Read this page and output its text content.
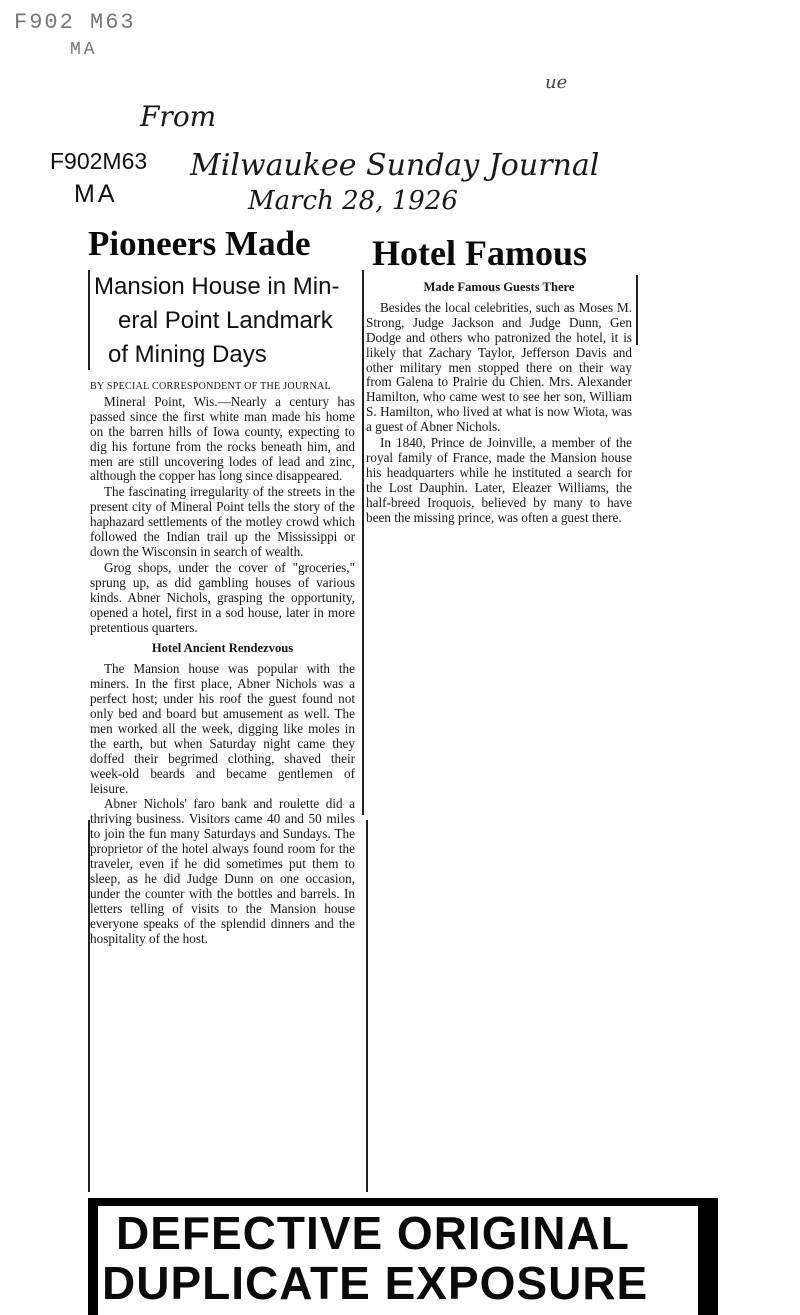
F902 M63
MA
ue
From
Milwaukee Sunday Journal
March 28, 1926
F902M63
MA
Pioneers Made Hotel Famous
Mansion House in Min-
eral Point Landmark
of Mining Days
BY SPECIAL CORRESPONDENT OF THE JOURNAL

Mineral Point, Wis.—Nearly a century has passed since the first white man made his home on the barren hills of Iowa county, expecting to dig his fortune from the rocks beneath him, and men are still uncovering lodes of lead and zinc, although the copper has long since disappeared.

The fascinating irregularity of the streets in the present city of Mineral Point tells the story of the haphazard settlements of the motley crowd which followed the Indian trail up the Mississippi or down the Wisconsin in search of wealth.

Grog shops, under the cover of "groceries," sprung up, as did gambling houses of various kinds. Abner Nichols, grasping the opportunity, opened a hotel, first in a sod house, later in more pretentious quarters.

Hotel Ancient Rendezvous

The Mansion house was popular with the miners. In the first place, Abner Nichols was a perfect host; under his roof the guest found not only bed and board but amusement as well. The men worked all the week, digging like moles in the earth, but when Saturday night came they doffed their begrimed clothing, shaved their week-old beards and became gentlemen of leisure.

Abner Nichols' faro bank and roulette did a thriving business. Visitors came 40 and 50 miles to join the fun many Saturdays and Sundays. The proprietor of the hotel always found room for the traveler, even if he did sometimes put them to sleep, as he did Judge Dunn on one occasion, under the counter with the bottles and barrels. In letters telling of visits to the Mansion house everyone speaks of the splendid dinners and the hospitality of the host.

Made Famous Guests There

Besides the local celebrities, such as Moses M. Strong, Judge Jackson and Judge Dunn, Gen Dodge and others who patronized the hotel, it is likely that Zachary Taylor, Jefferson Davis and other military men stopped there on their way from Galena to Prairie du Chien. Mrs. Alexander Hamilton, who came west to see her son, William S. Hamilton, who lived at what is now Wiota, was a guest of Abner Nichols.

In 1840, Prince de Joinville, a member of the royal family of France, made the Mansion house his headquarters while he instituted a search for the Lost Dauphin. Later, Eleazer Williams, the half-breed Iroquois, believed by many to have been the missing prince, was often a guest there.

DEFECTIVE ORIGINAL
DUPLICATE EXPOSURE
